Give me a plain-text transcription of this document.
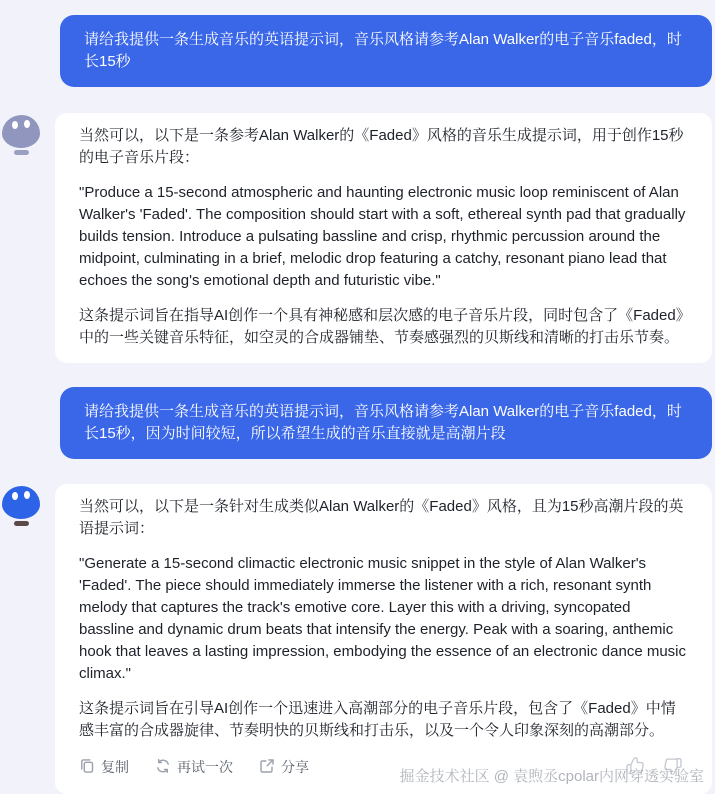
请给我提供一条生成音乐的英语提示词，音乐风格请参考Alan Walker的电子音乐faded，时长15秒

当然可以，以下是一条参考Alan Walker的《Faded》风格的音乐生成提示词，用于创作15秒的电子音乐片段：

"Produce a 15-second atmospheric and haunting electronic music loop reminiscent of Alan Walker's 'Faded'. The composition should start with a soft, ethereal synth pad that gradually builds tension. Introduce a pulsating bassline and crisp, rhythmic percussion around the midpoint, culminating in a brief, melodic drop featuring a catchy, resonant piano lead that echoes the song's emotional depth and futuristic vibe."

这条提示词旨在指导AI创作一个具有神秘感和层次感的电子音乐片段，同时包含了《Faded》中的一些关键音乐特征，如空灵的合成器铺垫、节奏感强烈的贝斯线和清晰的打击乐节奏。

请给我提供一条生成音乐的英语提示词，音乐风格请参考Alan Walker的电子音乐faded，时长15秒，因为时间较短，所以希望生成的音乐直接就是高潮片段

当然可以，以下是一条针对生成类似Alan Walker的《Faded》风格，且为15秒高潮片段的英语提示词：

"Generate a 15-second climactic electronic music snippet in the style of Alan Walker's 'Faded'. The piece should immediately immerse the listener with a rich, resonant synth melody that captures the track's emotive core. Layer this with a driving, syncopated bassline and dynamic drum beats that intensify the energy. Peak with a soaring, anthemic hook that leaves a lasting impression, embodying the essence of an electronic dance music climax."

这条提示词旨在引导AI创作一个迅速进入高潮部分的电子音乐片段，包含了《Faded》中情感丰富的合成器旋律、节奏明快的贝斯线和打击乐，以及一个令人印象深刻的高潮部分。

复制	再试一次	分享
掘金技术社区 @ 袁煦丞cpolar内网穿透实验室
